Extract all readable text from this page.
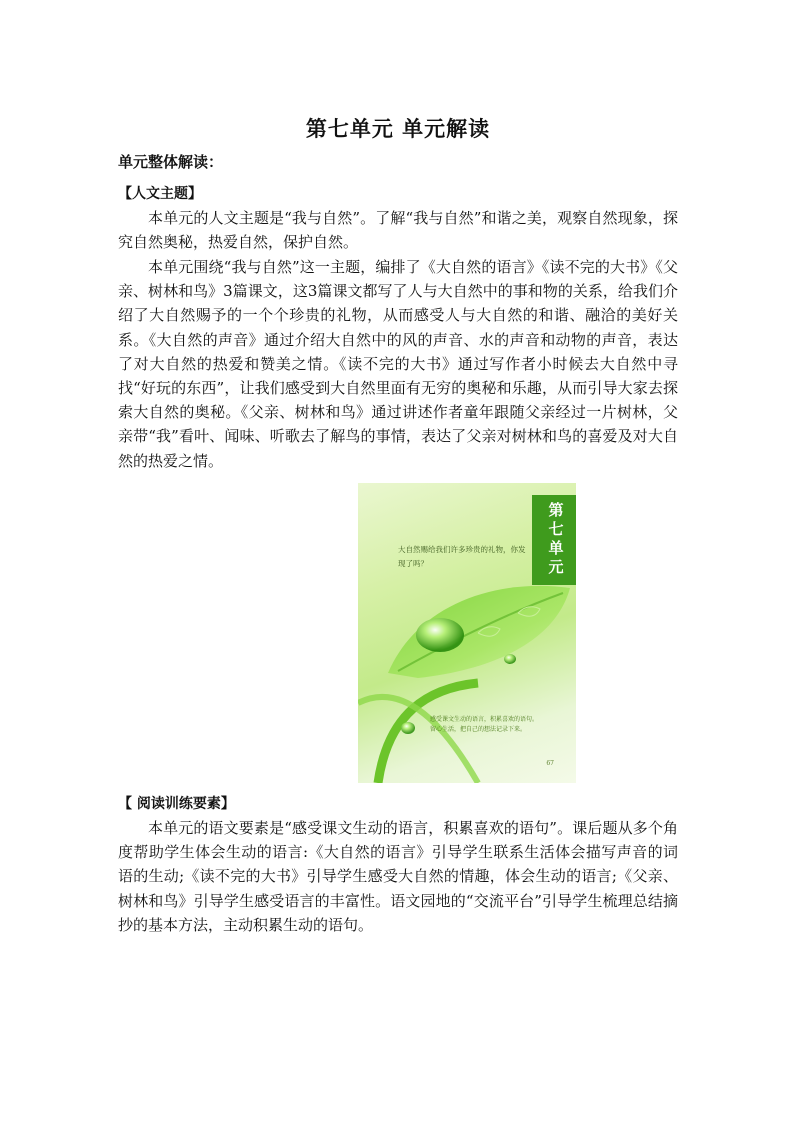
第七单元 单元解读
单元整体解读：
【人文主题】
本单元的人文主题是“我与自然”。了解“我与自然”和谐之美，观察自然现象，探究自然奥秘，热爱自然，保护自然。
本单元围绕“我与自然”这一主题，编排了《大自然的语言》《读不完的大书》《父亲、树林和鸟》3篇课文，这3篇课文都写了人与大自然中的事和物的关系，给我们介绍了大自然赐予的一个个珍贵的礼物，从而感受人与大自然的和谐、融洽的美好关系。《大自然的声音》通过介绍大自然中的风的声音、水的声音和动物的声音，表达了对大自然的热爱和赞美之情。《读不完的大书》通过写作者小时候去大自然中寻找“好玩的东西”，让我们感受到大自然里面有无穷的奥秘和乐趣，从而引导大家去探索大自然的奥秘。《父亲、树林和鸟》通过讲述作者童年跟随父亲经过一片树林，父亲带“我”看叶、闻味、听歌去了解鸟的事情，表达了父亲对树林和鸟的喜爱及对大自然的热爱之情。
第七单元
大自然赐给我们许多珍贵的礼物，你发现了吗？
感受课文生动的语言，积累喜欢的语句。
留心生活，把自己的想法记录下来。
67
【 阅读训练要素】
本单元的语文要素是“感受课文生动的语言，积累喜欢的语句”。课后题从多个角度帮助学生体会生动的语言:《大自然的语言》引导学生联系生活体会描写声音的词语的生动;《读不完的大书》引导学生感受大自然的情趣，体会生动的语言;《父亲、树林和鸟》引导学生感受语言的丰富性。语文园地的“交流平台”引导学生梳理总结摘抄的基本方法，主动积累生动的语句。
